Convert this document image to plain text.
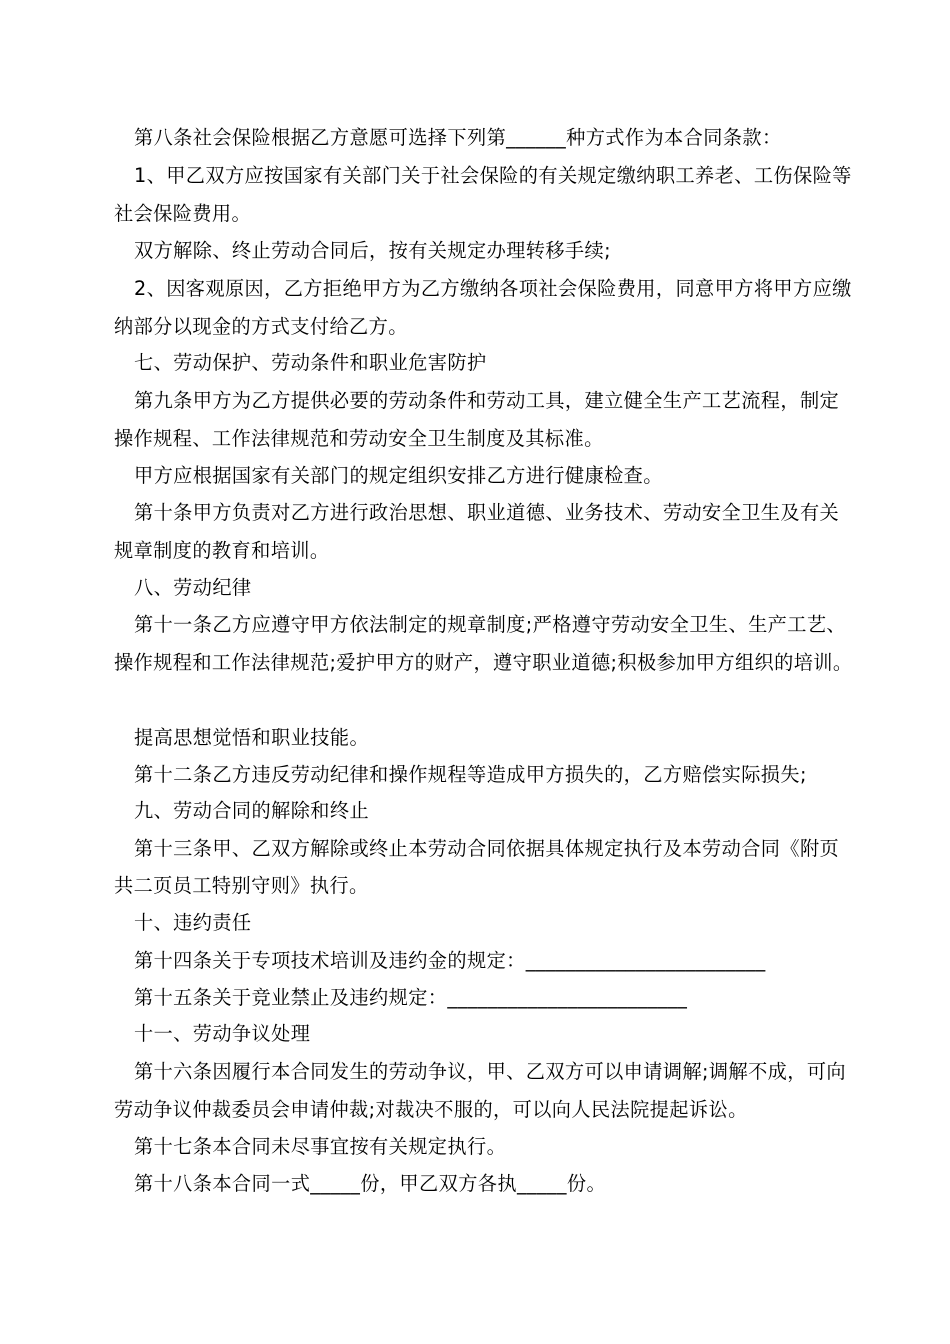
第八条社会保险根据乙方意愿可选择下列第______种方式作为本合同条款：
1、甲乙双方应按国家有关部门关于社会保险的有关规定缴纳职工养老、工伤保险等
社会保险费用。
双方解除、终止劳动合同后，按有关规定办理转移手续;
2、因客观原因，乙方拒绝甲方为乙方缴纳各项社会保险费用，同意甲方将甲方应缴
纳部分以现金的方式支付给乙方。
七、劳动保护、劳动条件和职业危害防护
第九条甲方为乙方提供必要的劳动条件和劳动工具，建立健全生产工艺流程，制定
操作规程、工作法律规范和劳动安全卫生制度及其标准。
甲方应根据国家有关部门的规定组织安排乙方进行健康检查。
第十条甲方负责对乙方进行政治思想、职业道德、业务技术、劳动安全卫生及有关
规章制度的教育和培训。
八、劳动纪律
第十一条乙方应遵守甲方依法制定的规章制度;严格遵守劳动安全卫生、生产工艺、
操作规程和工作法律规范;爱护甲方的财产，遵守职业道德;积极参加甲方组织的培训。
提高思想觉悟和职业技能。
第十二条乙方违反劳动纪律和操作规程等造成甲方损失的，乙方赔偿实际损失;
九、劳动合同的解除和终止
第十三条甲、乙双方解除或终止本劳动合同依据具体规定执行及本劳动合同《附页
共二页员工特别守则》执行。
十、违约责任
第十四条关于专项技术培训及违约金的规定：________________________
第十五条关于竞业禁止及违约规定：________________________
十一、劳动争议处理
第十六条因履行本合同发生的劳动争议，甲、乙双方可以申请调解;调解不成，可向
劳动争议仲裁委员会申请仲裁;对裁决不服的，可以向人民法院提起诉讼。
第十七条本合同未尽事宜按有关规定执行。
第十八条本合同一式_____份，甲乙双方各执_____份。
